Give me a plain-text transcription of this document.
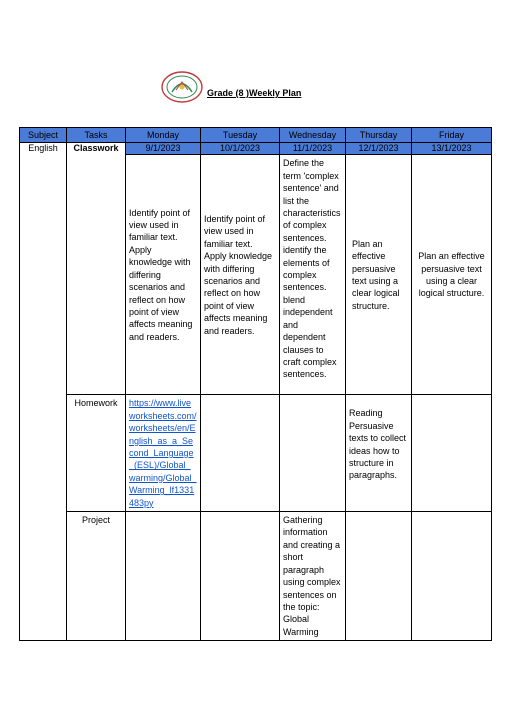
Grade (8 )Weekly Plan
Subject	Tasks	Monday	Tuesday	Wednesday	Thursday	Friday
English	Classwork	9/1/2023	10/1/2023	11/1/2023	12/1/2023	13/1/2023
		Identify point of view used in familiar text. Apply knowledge with differing scenarios and reflect on how point of view affects meaning and readers.	Identify point of view used in familiar text. Apply knowledge with differing scenarios and reflect on how point of view affects meaning and readers.	Define the term 'complex sentence' and list the characteristics of complex sentences. identify the elements of complex sentences. blend independent and dependent clauses to craft complex sentences.	Plan an effective persuasive text using a clear logical structure.	Plan an effective persuasive text using a clear logical structure.
	Homework	https://www.liveworksheets.com/worksheets/en/English_as_a_Second_Language_(ESL)/Global_warming/Global_Warming_lf1331483py			Reading Persuasive texts to collect ideas how to structure in paragraphs.	
	Project			Gathering information and creating a short paragraph using complex sentences on the topic: Global Warming		
